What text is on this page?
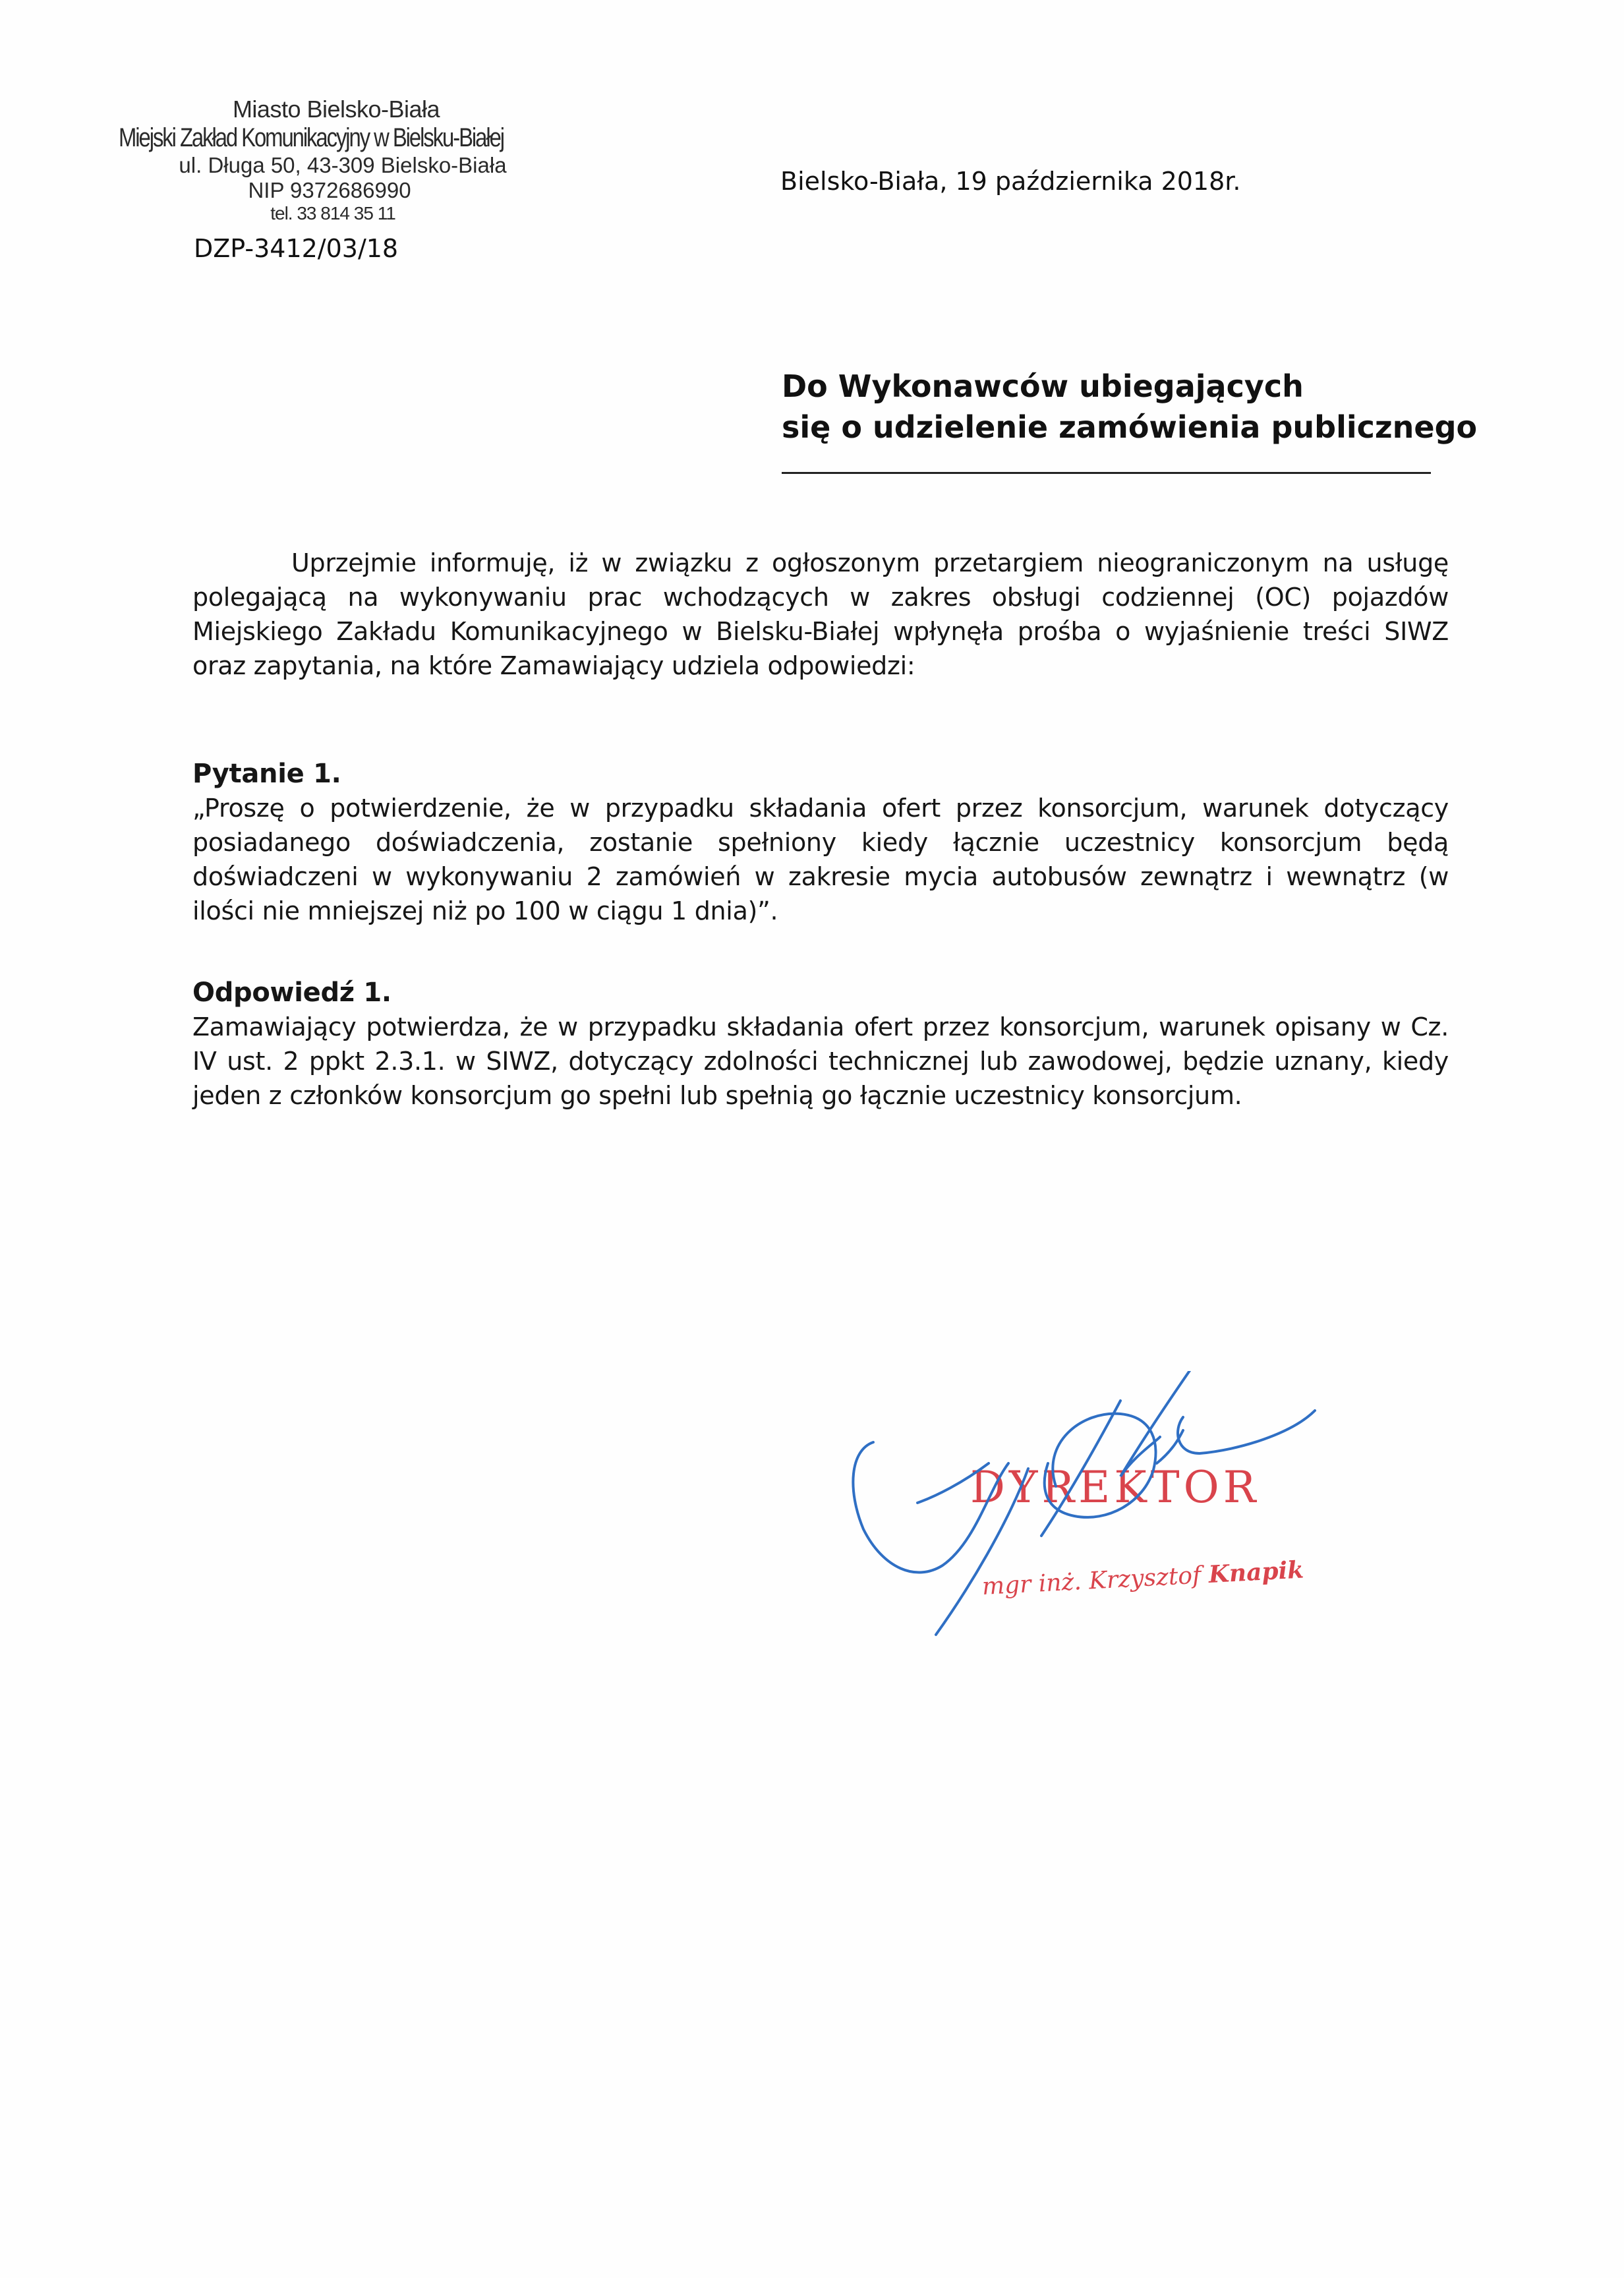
Miasto Bielsko-Biała
Miejski Zakład Komunikacyjny w Bielsku-Białej
ul. Długa 50, 43-309 Bielsko-Biała
NIP 9372686990
tel. 33 814 35 11
DZP-3412/03/18
Bielsko-Biała, 19 października 2018r.
Do Wykonawców ubiegających
się o udzielenie zamówienia publicznego

Uprzejmie informuję, iż w związku z ogłoszonym przetargiem nieograniczonym na usługę polegającą na wykonywaniu prac wchodzących w zakres obsługi codziennej (OC) pojazdów Miejskiego Zakładu Komunikacyjnego w Bielsku-Białej wpłynęła prośba o wyjaśnienie treści SIWZ oraz zapytania, na które Zamawiający udziela odpowiedzi:

Pytanie 1.

„Proszę o potwierdzenie, że w przypadku składania ofert przez konsorcjum, warunek dotyczący posiadanego doświadczenia, zostanie spełniony kiedy łącznie uczestnicy konsorcjum będą doświadczeni w wykonywaniu 2 zamówień w zakresie mycia autobusów zewnątrz i wewnątrz (w ilości nie mniejszej niż po 100 w ciągu 1 dnia)”.

Odpowiedź 1.

Zamawiający potwierdza, że w przypadku składania ofert przez konsorcjum, warunek opisany w Cz. IV ust. 2 ppkt 2.3.1. w SIWZ, dotyczący zdolności technicznej lub zawodowej, będzie uznany, kiedy jeden z członków konsorcjum go spełni lub spełnią go łącznie uczestnicy konsorcjum.

DYREKTOR
mgr inż. Krzysztof Knapik
